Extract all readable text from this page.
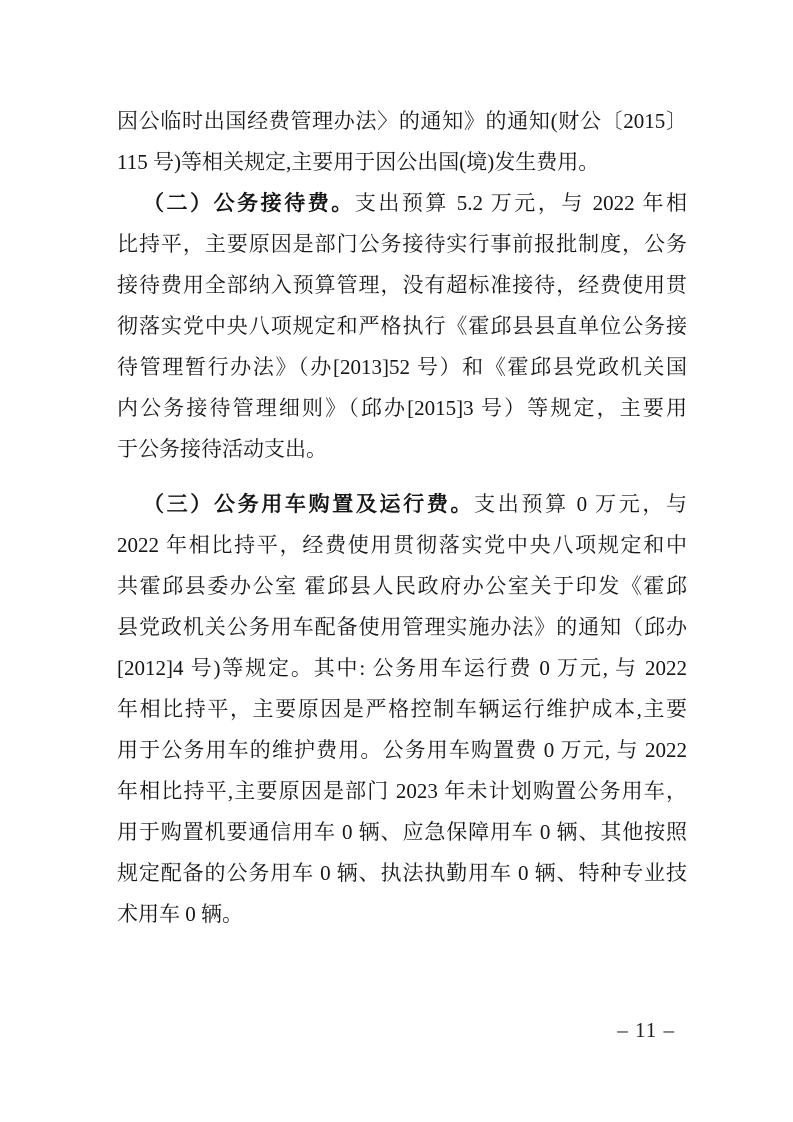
因公临时出国经费管理办法〉的通知》的通知(财公〔2015〕
115 号)等相关规定,主要用于因公出国(境)发生费用。
（二）公务接待费。支出预算 5.2 万元，与 2022 年相
比持平，主要原因是部门公务接待实行事前报批制度，公务
接待费用全部纳入预算管理，没有超标准接待，经费使用贯
彻落实党中央八项规定和严格执行《霍邱县县直单位公务接
待管理暂行办法》（办[2013]52 号）和《霍邱县党政机关国
内公务接待管理细则》（邱办[2015]3 号）等规定，主要用
于公务接待活动支出。
（三）公务用车购置及运行费。支出预算 0 万元，与
2022 年相比持平，经费使用贯彻落实党中央八项规定和中
共霍邱县委办公室 霍邱县人民政府办公室关于印发《霍邱
县党政机关公务用车配备使用管理实施办法》的通知（邱办
[2012]4 号)等规定。其中: 公务用车运行费 0 万元, 与 2022
年相比持平，主要原因是严格控制车辆运行维护成本,主要
用于公务用车的维护费用。公务用车购置费 0 万元, 与 2022
年相比持平,主要原因是部门 2023 年未计划购置公务用车，
用于购置机要通信用车 0 辆、应急保障用车 0 辆、其他按照
规定配备的公务用车 0 辆、执法执勤用车 0 辆、特种专业技
术用车 0 辆。
– 11 –
